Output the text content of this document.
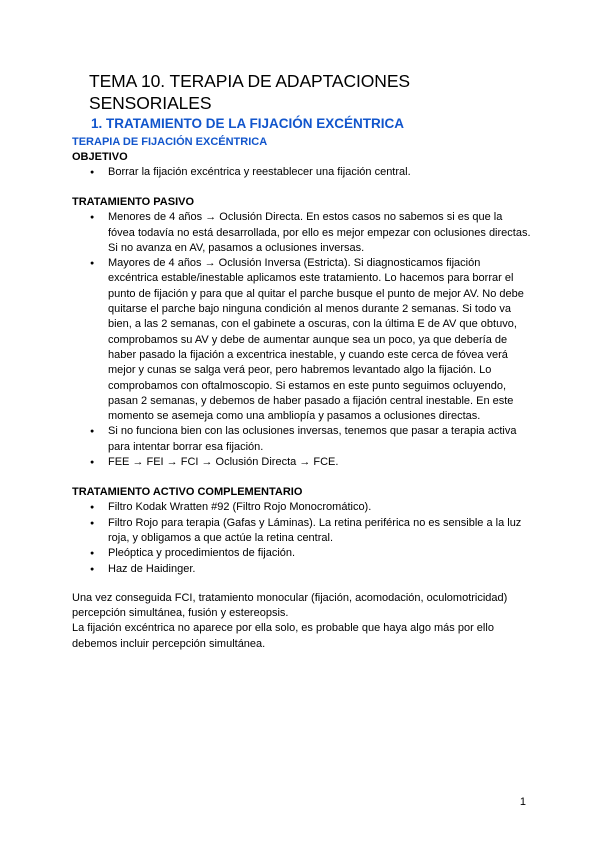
TEMA 10. TERAPIA DE ADAPTACIONES SENSORIALES
1. TRATAMIENTO DE LA FIJACIÓN EXCÉNTRICA
TERAPIA DE FIJACIÓN EXCÉNTRICA
OBJETIVO
● Borrar la fijación excéntrica y reestablecer una fijación central.
TRATAMIENTO PASIVO
● Menores de 4 años → Oclusión Directa. En estos casos no sabemos si es que la fóvea todavía no está desarrollada, por ello es mejor empezar con oclusiones directas. Si no avanza en AV, pasamos a oclusiones inversas.
● Mayores de 4 años → Oclusión Inversa (Estricta). Si diagnosticamos fijación excéntrica estable/inestable aplicamos este tratamiento. Lo hacemos para borrar el punto de fijación y para que al quitar el parche busque el punto de mejor AV. No debe quitarse el parche bajo ninguna condición al menos durante 2 semanas. Si todo va bien, a las 2 semanas, con el gabinete a oscuras, con la última E de AV que obtuvo, comprobamos su AV y debe de aumentar aunque sea un poco, ya que debería de haber pasado la fijación a excentrica inestable, y cuando este cerca de fóvea verá mejor y cunas se salga verá peor, pero habremos levantado algo la fijación. Lo comprobamos con oftalmoscopio. Si estamos en este punto seguimos ocluyendo, pasan 2 semanas, y debemos de haber pasado a fijación central inestable. En este momento se asemeja como una ambliopía y pasamos a oclusiones directas.
● Si no funciona bien con las oclusiones inversas, tenemos que pasar a terapia activa para intentar borrar esa fijación.
● FEE → FEI → FCI → Oclusión Directa → FCE.
TRATAMIENTO ACTIVO COMPLEMENTARIO
● Filtro Kodak Wratten #92 (Filtro Rojo Monocromático).
● Filtro Rojo para terapia (Gafas y Láminas). La retina periférica no es sensible a la luz roja, y obligamos a que actúe la retina central.
● Pleóptica y procedimientos de fijación.
● Haz de Haidinger.

Una vez conseguida FCI, tratamiento monocular (fijación, acomodación, oculomotricidad) percepción simultánea, fusión y estereopsis.

La fijación excéntrica no aparece por ella solo, es probable que haya algo más por ello debemos incluir percepción simultánea.

1
